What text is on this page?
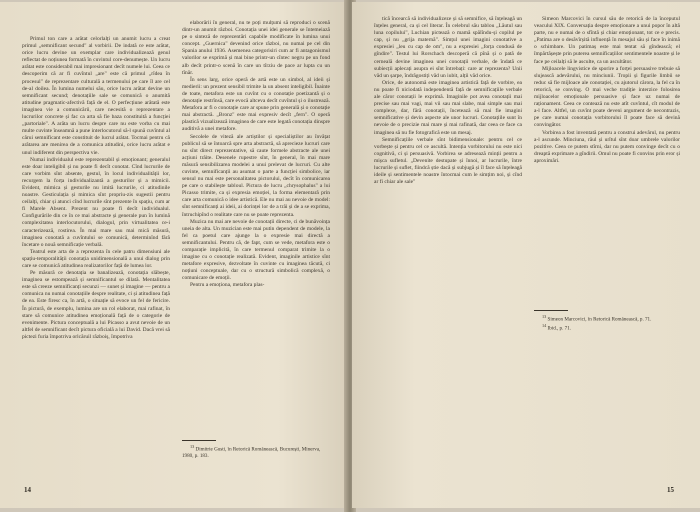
Primul ton care a arătat celorlalți un anumit lucru a creat primul „semnificant secund" al vorbirii. De indată ce este arătat, orice lucru devine un exemplar care individualizează genul reflectat de noțiunea formată în cuvintul core-denumește. Un lucru arătat este considerabil mai impresionant decît numele lui. Ceea ce descoperim că ar fi cuvîntul „are" este că primul „rîdea în procesul" de reprezentare culturală a termenului pe care îl are cel de-al doilea. În lumina numelui său, orice lucru arătat devine un semnificant secund; denotațiile sale se comunică o anumită atitudine pragmatic-afectivă față de el. O perfecțiune arătată este imaginea vie a comunicării, care necesită o reprezentare a lucrurilor concrete și fac ca arta să fie baza constituită a funcției „partoriale". A arăta un lucru despre care nu este vorba cu mai multe cuvinte înseamnă a pune interlocutorul să-l spună cuvîntul al cărui semnificant este constituit de lucrul arătat. Tocmai pentru că arătarea are menirea de a comunica atitudini, orice lucru arătat e unul indiferent din perspectiva vie.

Numai individualul este reprezentabil și emoționant; generalul este doar inteligibil și nu poate fi decît conotat. Cînd lucrurile de care vorbim sînt absente, gestul, în locul individualității lor, recurgem la forța individualizantă a gesturilor și a mimicii. Evident, mimica și gesturile nu imită lucrurile, ci atitudinile noastre. Gesticulația și mimica sînt propriu-zis sugestii pentru ceilalți, chiar și atunci cînd lucrurile sînt prezente în spațiu, cum ar fi Marele Absent. Prezent nu poate fi decît individualul. Configurările din ce în ce mai abstracte și generale pun în lumină complexitatea interlocutorului, dialogul, prin virtualitatea ce-i caracterizează, rostirea. În mai mare sau mai mică măsură, imaginea conotată a cuvîntului se comunică, determinînd fără încetare o nouă semnificație verbală.

Teatrul este arta de a reprezenta în cele patru dimensiuni ale spațiu-temporalității conotația unidimensională a unui dialog prin care se comunică atitudinea realizatorilor față de lumea lor.

Pe măsură ce denotația se banalizează, conotația slăbește, imaginea se estompează și semnificantul se dilată. Mentalitatea este să creeze semnificanți secunzi — sunet și imagine — pentru a comunica nu numai conotațiile despre realitate, ci și atitudinea față de ea. Este firesc ca, în artă, o situație să evoce un fel de fericire. În pictură, de exemplu, lumina are un rol elaborat, mai rafinat, în stare să comunice atitudinea emoțională față de o categorie de evenimente. Pictura conceptuală a lui Picasso a avut nevoie de un altfel de semnificant decît pictura oficială a lui David. Dacă vrei să pictezi furia împotriva orlcăruil războiș, împotriva

elaborării în general, nu te poți mulțumi să reproduci o scenă dintr-un anumit război. Conotația unei idei generale se întemeiază pe o sinteză de reprezentări capabile modificate în lumina unui concept. „Guernica" devenind orice război, nu numai pe cel din Spania anului 1936. Asemenea categorisiri cum ar fi antagonismul valorilor se exprimă și mai bine printr-un cîntec negru pe un fond alb decît printr-o scenă în care un tîrziu de pace ar lupta cu un tînăr.

În sens larg, orice operă de artă este un simbol, al ideii și medierii: un prezent sensibil trimite la un absent inteligibil. Înainte de toate, metafora este un cuvînt cu o conotație poetizantă și o denotație restrînsă, care evocă altceva decît cuvîntul și o ilustrează. Metafora ar fi o conotație care ar spune prin generală și o conotație mai abstractă. „Bronz" este mai expresiv decît „fern". O operă plastică vizualizează imaginea de care este legată conotația dinspre auditivă a unei metafore.

Secolele de viteză ale artiștilor și specialiștilor au învățat publicul să se întoarcă spre arta abstractă, să aprecieze lucruri care nu sînt direct reprezentative, să caute formele abstracte ale unei acțiuni trăite. Desenele rupestre sînt, în general, în mai mare măsură sensibilizarea modelei a unui prelevat de lucruri. Cu alte cuvinte, semnificanții au asumat o parte a funcției simbolice, iar sensul nu mai este personalitatea pictorului, decît în comunicarea pe care o stabilește tabloul. Pictura de lucru „chrysophalus" a lui Picasso trimite, ca și expresia emoției, la forma elementară prin care arta comunică o idee artistică. Ele nu mai au nevoie de model: sînt semnificanți ai ideii, ai dorinței lor de a trăi și de a se exprima, întruchipînd o realitate care nu se poate reprezenta.

Muzica nu mai are nevoie de conotații directe, ci de bunăvoința uneia de alta. Un muzician este mai putin dependent de modele, la fel ca poetul care ajunge la o expresie mai directă a semnificantului. Pentru că, de fapt, cum se vede, metafora este o comparație implicită, în care termenul comparat trimite la o imagine cu o conotație realizată. Evident, imaginile artistice sînt metafore expresive, dezvoltate în cuvinte cu imaginea tăcută, ci noțiuni conceptuale, dar cu o structură simbolică complexă, o comunicare de emoții.

Pentru a emoționa, metafora plas-

$^{13}$ Dimitrie Gusti, în Retorică Românească, București, Minerva, 1980, p. 183.

14

tică încearcă să individualizeze și să semnifice, să înțeleagă un înțeles general, ca și cel literar. În celebrul său tablou „Lăutul sau luna copilului", Luchian pictează o mamă spălîndu-și copilul pe cap, și nu „grija maternă". Simțul unei imagini conotative a expresiei „leu cu cap de om", nu a expresiei „forța condusă de gîndire". Testul lui Rorschach descoperă că pînă și o pată de cerneală devine imaginea unei conotații verbale, de îndată ce subiecții aplecați asupra ei sînt întrebați: care ar reprezenta? Unii văd un șarpe, îndrăgostiți văd un iubit, alții văd orice.

Orice, de autonomă este imaginea artistică față de vorbire, ea nu poate fi niciodată independentă față de semnificațiile verbale ale căror conotații le exprimă. Imaginile pot avea conotații mai precise sau mai vagi, mai vii sau mai slabe, mai simple sau mai complexe, dar, fără conotații, încetează să mai fie imagini semnificative și devin aspecte ale unor lucruri. Conotațiile sunt în nevoie de o precizie mai mare și mai rafinată, dar ceea ce face ca imaginea să nu fie fotografică este un mesaj.

Semnificațiile verbale sînt bidimensionale: pentru cel ce vorbește și pentru cel ce ascultă. Intenția vorbitorului nu este nici cognitivă, ci și persuasivă. Vorbirea se adresează minții pentru a mișca sufletul. „Devenite destupate și înnoi, ar lucrurile, între lucrurile și suflet, fiindcă știe dacă și subjugă și îl face să înțeleagă ideile și sentimentele noastre întocmai cum le simțim noi, și cînd ar fi chiar ale sale"

Simeon Marcovici în cursul său de retorică de la începutul veacului XIX. Conversația despre emoționare a unui popor în altă parte, nu e numai de o sfîntă și chiar emoționant, tot ce e precis. „Patima are o desăvîrșită influență în mesajul său și face în inimă o schimbare. Un patimaș este mai tentat să gîndească; el împărtășește prin puterea semnificațiilor sentimentele noastre și le face pe ceilalți să le asculte, ca un ascultător.

Mijloacele lingvistice de sporire a forței persuasive trebuie să slujească adevărului, nu minciunii. Tropii și figurile limbii se reduc să fie mijloace ale conotației, cu ajutorul cărora, la fel ca în retorică, se conving. O mai veche tradiție interzice folosirea mijloacelor emoționale persuasive și face uz numai de raționament. Ceea ce contează nu este atît cuvîntul, cît modul de a-l face. Altfel, un cuvînt poate deveni argument de necontrazis, pe care numai conotația vorbitorului îl poate face să devină convingător.

Vorbirea a fost inventată pentru a construi adevărul, nu pentru a-l ascunde. Minciuna, răul și urîtul sînt doar umbrele valorilor pozitive. Ceea ce putem stîrni, dar nu putem convinge decît cu o dreaptă exprimare a gîndirii. Omul nu poate fi convins prin eror și aproximări.

$^{13}$ Simeon Marcovici, în Retorică Românească, p. 71.

$^{14}$ Ibid., p. 71.

15
